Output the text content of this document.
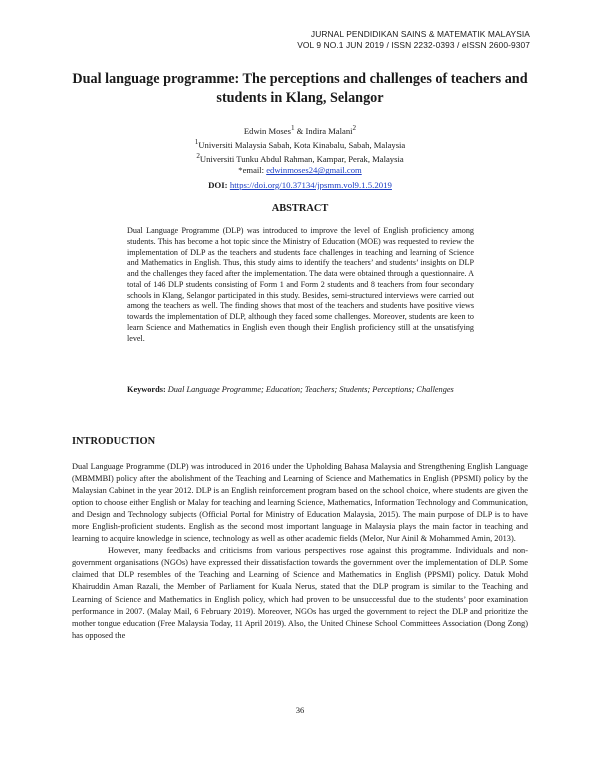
JURNAL PENDIDIKAN SAINS & MATEMATIK MALAYSIA
VOL 9 NO.1 JUN 2019 / ISSN 2232-0393 / eISSN 2600-9307
Dual language programme: The perceptions and challenges of teachers and students in Klang, Selangor
Edwin Moses$^1$ & Indira Malani$^2$
$^1$Universiti Malaysia Sabah, Kota Kinabalu, Sabah, Malaysia
$^2$Universiti Tunku Abdul Rahman, Kampar, Perak, Malaysia
*email: edwinmoses24@gmail.com
DOI: https://doi.org/10.37134/jpsmm.vol9.1.5.2019
ABSTRACT
Dual Language Programme (DLP) was introduced to improve the level of English proficiency among students. This has become a hot topic since the Ministry of Education (MOE) was requested to review the implementation of DLP as the teachers and students face challenges in teaching and learning of Science and Mathematics in English. Thus, this study aims to identify the teachers’ and students’ insights on DLP and the challenges they faced after the implementation. The data were obtained through a questionnaire. A total of 146 DLP students consisting of Form 1 and Form 2 students and 8 teachers from four secondary schools in Klang, Selangor participated in this study. Besides, semi-structured interviews were carried out among the teachers as well. The finding shows that most of the teachers and students have positive views towards the implementation of DLP, although they faced some challenges. Moreover, students are keen to learn Science and Mathematics in English even though their English proficiency still at the unsatisfying level.
Keywords: Dual Language Programme; Education; Teachers; Students; Perceptions; Challenges
INTRODUCTION

Dual Language Programme (DLP) was introduced in 2016 under the Upholding Bahasa Malaysia and Strengthening English Language (MBMMBI) policy after the abolishment of the Teaching and Learning of Science and Mathematics in English (PPSMI) policy by the Malaysian Cabinet in the year 2012. DLP is an English reinforcement program based on the school choice, where students are given the option to choose either English or Malay for teaching and learning Science, Mathematics, Information Technology and Communication, and Design and Technology subjects (Official Portal for Ministry of Education Malaysia, 2015). The main purpose of DLP is to have more English-proficient students. English as the second most important language in Malaysia plays the main factor in teaching and learning to acquire knowledge in science, technology as well as other academic fields (Melor, Nur Ainil & Mohammed Amin, 2013).

However, many feedbacks and criticisms from various perspectives rose against this programme. Individuals and non-government organisations (NGOs) have expressed their dissatisfaction towards the government over the implementation of DLP. Some claimed that DLP resembles of the Teaching and Learning of Science and Mathematics in English (PPSMI) policy. Datuk Mohd Khairuddin Aman Razali, the Member of Parliament for Kuala Nerus, stated that the DLP program is similar to the Teaching and Learning of Science and Mathematics in English policy, which had proven to be unsuccessful due to the students’ poor examination performance in 2007. (Malay Mail, 6 February 2019). Moreover, NGOs has urged the government to reject the DLP and prioritize the mother tongue education (Free Malaysia Today, 11 April 2019). Also, the United Chinese School Committees Association (Dong Zong) has opposed the

36
